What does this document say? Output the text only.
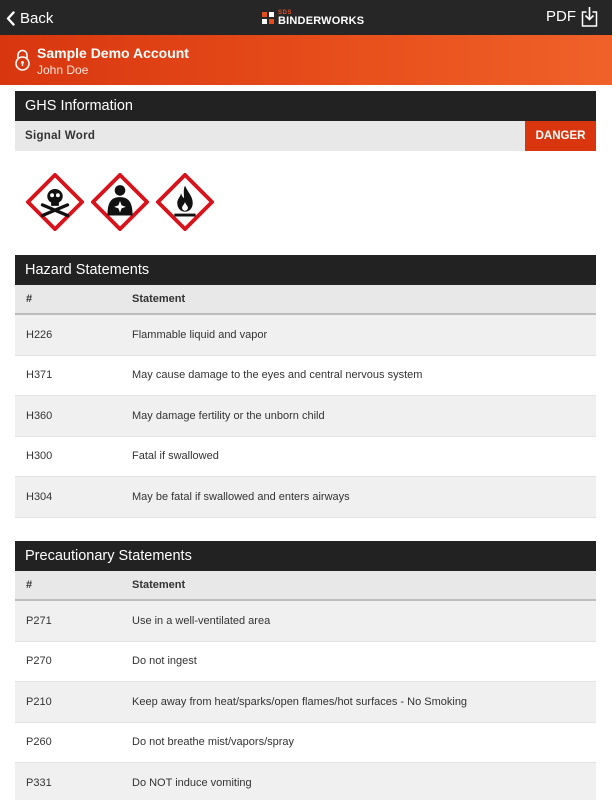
Back	SDS
BINDERWORKS	PDF
Sample Demo Account
John Doe
GHS Information
Signal Word	DANGER
Hazard Statements
#	Statement
H226	Flammable liquid and vapor
H371	May cause damage to the eyes and central nervous system
H360	May damage fertility or the unborn child
H300	Fatal if swallowed
H304	May be fatal if swallowed and enters airways
Precautionary Statements
#	Statement
P271	Use in a well-ventilated area
P270	Do not ingest
P210	Keep away from heat/sparks/open flames/hot surfaces - No Smoking
P260	Do not breathe mist/vapors/spray
P331	Do NOT induce vomiting
